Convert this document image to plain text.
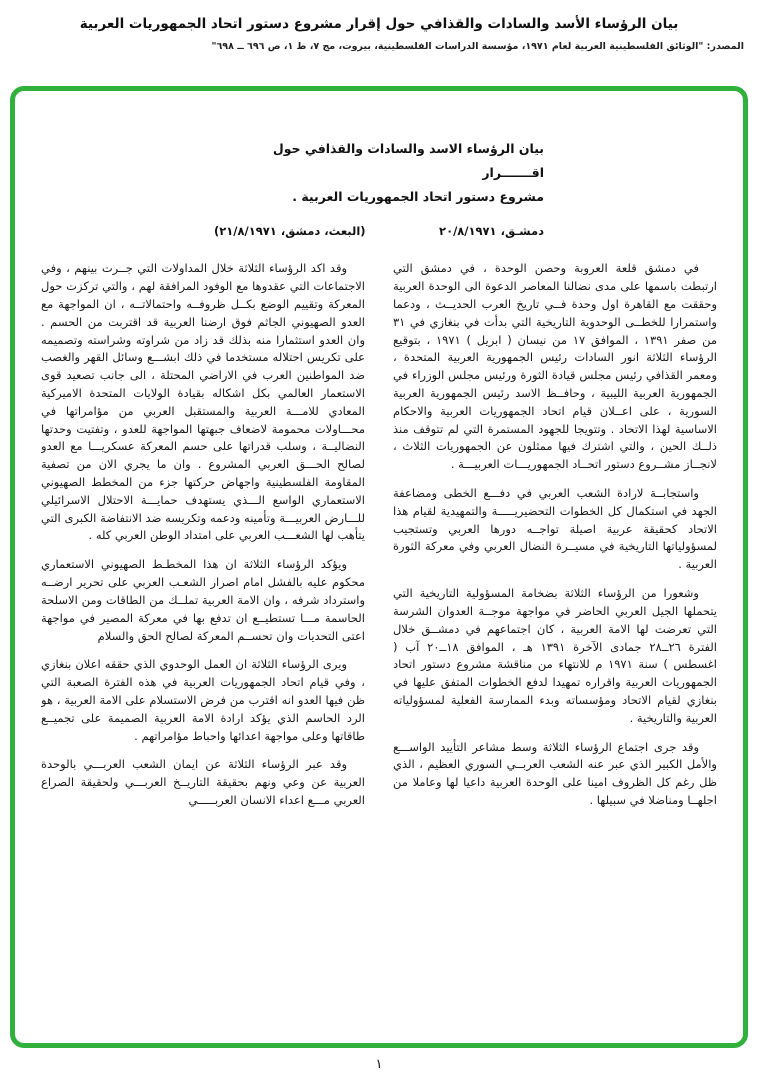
بيان الرؤساء الأسد والسادات والقذافي حول إقرار مشروع دستور اتحاد الجمهوريات العربية
المصدر: "الوثائق الفلسطينية العربية لعام ١٩٧١، مؤسسة الدراسات الفلسطينية، بيروت، مج ٧، ط ١، ص ٦٩٦ ــ ٦٩٨"
بيان الرؤساء الاسد والسادات والقذافي حول اقـــــــرار
مشروع دستور اتحاد الجمهوريات العربية .
دمشـق، ٢٠/٨/١٩٧١
(البعث، دمشق، ٢١/٨/١٩٧١)

في دمشق قلعة العروبة وحصن الوحدة ، في دمشق التي ارتبطت باسمها على مدى نضالنا المعاصر الدعوة الى الوحدة العربية وحققت مع القاهرة اول وحدة فــي تاريخ العرب الحديــث ، ودعما واستمرارا للخطــى الوحدوية التاريخية التي بدأت في بنغازي في ٣١ من صفر ١٣٩١ ، الموافق ١٧ من نيسان ( ابريل ) ١٩٧١ ، بتوقيع الرؤساء الثلاثة انور السادات رئيس الجمهورية العربية المتحدة ، ومعمر القذافي رئيس مجلس قيادة الثورة ورئيس مجلس الوزراء في الجمهورية العربية الليبية ، وحافــظ الاسد رئيس الجمهورية العربية السورية ، على اعــلان قيام اتحاد الجمهوريات العربية والاحكام الاساسية لهذا الاتحاد . وتتويجا للجهود المستمرة التي لم تتوقف منذ ذلــك الحين ، والتي اشترك فيها ممثلون عن الجمهوريات الثلاث ، لانجــاز مشــروع دستور اتحــاد الجمهوريـــات العربيـــة .

واستجابــة لارادة الشعب العربي في دفـــع الخطى ومضاعفة الجهد في استكمال كل الخطوات التحضيريـــــة والتمهيدية لقيام هذا الاتحاد كحقيقة عربية اصيلة تواجــه دورها العربي وتستجيب لمسؤولياتها التاريخية في مسيــرة النضال العربي وفي معركة الثورة العربية .

وشعورا من الرؤساء الثلاثة بضخامة المسؤولية التاريخية التي يتحملها الجيل العربي الحاضر في مواجهة موجــة العدوان الشرسة التي تعرضت لها الامة العربية ، كان اجتماعهم في دمشــق خلال الفترة ٢٦ــ٢٨ جمادى الآخرة ١٣٩١ هـ ، الموافق ١٨ــ٢٠ آب ( اغسطس ) سنة ١٩٧١ م للانتهاء من مناقشة مشروع دستور اتحاد الجمهوريات العربية واقراره تمهيدا لدفع الخطوات المتفق عليها في بنغازي لقيام الاتحاد ومؤسساته وبدء الممارسة الفعلية لمسؤولياته العربية والتاريخية .

وقد جرى اجتماع الرؤساء الثلاثة وسط مشاعر التأييد الواســـع والأمل الكبير الذي عبر عنه الشعب العربــي السوري العظيم ، الذي ظل رغم كل الظروف امينا على الوحدة العربية داعيا لها وعاملا من اجلهــا ومناضلا في سبيلها .

وقد اكد الرؤساء الثلاثة خلال المداولات التي جــرت بينهم ، وفي الاجتماعات التي عقدوها مع الوفود المرافقة لهم ، والتي تركزت حول المعركة وتقييم الوضع بكــل ظروفــه واحتمالاتــه ، ان المواجهة مع العدو الصهيوني الجاثم فوق ارضنا العربية قد اقتربت من الحسم . وان العدو استثمارا منه بذلك قد زاد من شراوته وشراسته وتصميمه على تكريس احتلاله مستخدما في ذلك ابشـــع وسائل القهر والغصب ضد المواطنين العرب في الاراضي المحتلة ، الى جانب تصعيد قوى الاستعمار العالمي بكل اشكاله بقيادة الولايات المتحدة الاميركية المعادي للامـــة العربية والمستقبل العربي من مؤامراتها في محـــاولات محمومة لاضعاف جبهتها المواجهة للعدو ، وتفتيت وحدتها النضاليــة ، وسلب قدراتها على حسم المعركة عسكريـــا مع العدو لصالح الحـــق العربي المشروع . وان ما يجري الان من تصفية المقاومة الفلسطينية واجهاض حركتها جزء من المخطط الصهيوني الاستعماري الواسع الـــذي يستهدف حمايـــة الاحتلال الاسرائيلي للـــارض العربيـــة وتأمينه ودعمه وتكريسه ضد الانتفاضة الكبرى التي يتأهب لها الشعـــب العربي على امتداد الوطن العربي كله .

ويؤكد الرؤساء الثلاثة ان هذا المخطـط الصهيوني الاستعماري محكوم عليه بالفشل امام اصرار الشعـب العربي على تحرير ارضــه واسترداد شرفه ، وان الامة العربية تملــك من الطاقات ومن الاسلحة الحاسمة مـــا تستطيــع ان تدفع بها في معركة المصير في مواجهة اعتى التحديات وان تحســم المعركة لصالح الحق والسلام

ويرى الرؤساء الثلاثة ان العمل الوحدوي الذي حققه اعلان بنغازي ، وفي قيام اتحاد الجمهوريات العربية في هذه الفترة الصعبة التي ظن فيها العدو انه اقترب من فرض الاستسلام على الامة العربية ، هو الرد الحاسم الذي يؤكد ارادة الامة العربية الصميمة على تجميــع طاقاتها وعلى مواجهة اعدائها واحباط مؤامراتهم .

وقد عبر الرؤساء الثلاثة عن ايمان الشعب العربـــي بالوحدة العربية عن وعي ونهم بحقيقة التاريــخ العربـــي ولحقيقة الصراع العربي مـــع اعداء الانسان العربـــــي

١
